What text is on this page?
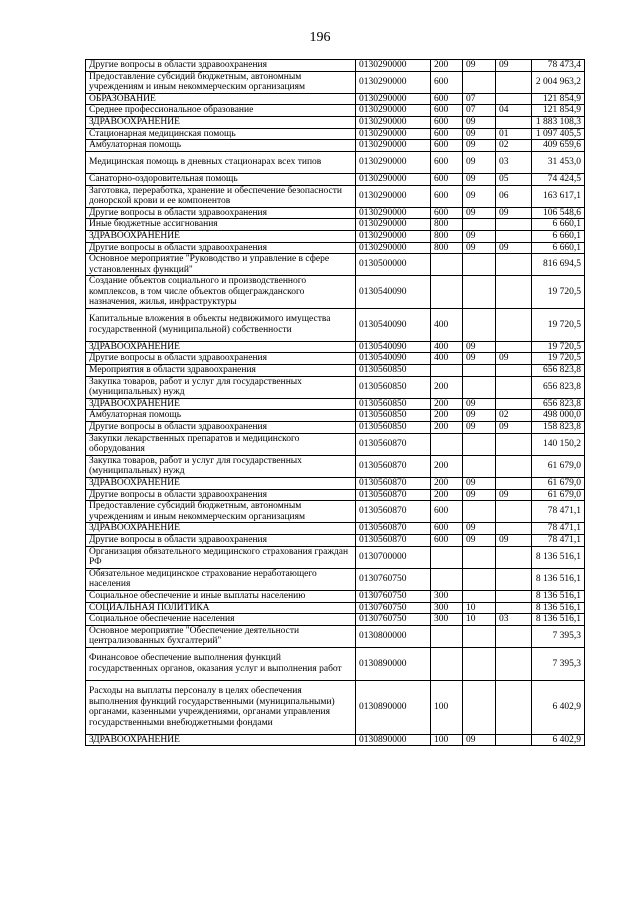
196
Другие вопросы в области здравоохранения	0130290000	200	09	09	78 473,4
Предоставление субсидий бюджетным, автономным учреждениям и иным некоммерческим организациям	0130290000	600			2 004 963,2
ОБРАЗОВАНИЕ	0130290000	600	07		121 854,9
Среднее профессиональное образование	0130290000	600	07	04	121 854,9
ЗДРАВООХРАНЕНИЕ	0130290000	600	09		1 883 108,3
Стационарная медицинская помощь	0130290000	600	09	01	1 097 405,5
Амбулаторная помощь	0130290000	600	09	02	409 659,6
Медицинская помощь в дневных стационарах всех типов	0130290000	600	09	03	31 453,0
Санаторно-оздоровительная помощь	0130290000	600	09	05	74 424,5
Заготовка, переработка, хранение и обеспечение безопасности донорской крови и ее компонентов	0130290000	600	09	06	163 617,1
Другие вопросы в области здравоохранения	0130290000	600	09	09	106 548,6
Иные бюджетные ассигнования	0130290000	800			6 660,1
ЗДРАВООХРАНЕНИЕ	0130290000	800	09		6 660,1
Другие вопросы в области здравоохранения	0130290000	800	09	09	6 660,1
Основное мероприятие "Руководство и управление в сфере установленных функций"	0130500000				816 694,5
Создание объектов социального и производственного комплексов, в том числе объектов общегражданского назначения, жилья, инфраструктуры	0130540090				19 720,5
Капитальные вложения в объекты недвижимого имущества государственной (муниципальной) собственности	0130540090	400			19 720,5
ЗДРАВООХРАНЕНИЕ	0130540090	400	09		19 720,5
Другие вопросы в области здравоохранения	0130540090	400	09	09	19 720,5
Мероприятия в области здравоохранения	0130560850				656 823,8
Закупка товаров, работ и услуг для государственных (муниципальных) нужд	0130560850	200			656 823,8
ЗДРАВООХРАНЕНИЕ	0130560850	200	09		656 823,8
Амбулаторная помощь	0130560850	200	09	02	498 000,0
Другие вопросы в области здравоохранения	0130560850	200	09	09	158 823,8
Закупки лекарственных препаратов и медицинского оборудования	0130560870				140 150,2
Закупка товаров, работ и услуг для государственных (муниципальных) нужд	0130560870	200			61 679,0
ЗДРАВООХРАНЕНИЕ	0130560870	200	09		61 679,0
Другие вопросы в области здравоохранения	0130560870	200	09	09	61 679,0
Предоставление субсидий бюджетным, автономным учреждениям и иным некоммерческим организациям	0130560870	600			78 471,1
ЗДРАВООХРАНЕНИЕ	0130560870	600	09		78 471,1
Другие вопросы в области здравоохранения	0130560870	600	09	09	78 471,1
Организация обязательного медицинского страхования граждан РФ	0130700000				8 136 516,1
Обязательное медицинское страхование неработающего населения	0130760750				8 136 516,1
Социальное обеспечение и иные выплаты населению	0130760750	300			8 136 516,1
СОЦИАЛЬНАЯ ПОЛИТИКА	0130760750	300	10		8 136 516,1
Социальное обеспечение населения	0130760750	300	10	03	8 136 516,1
Основное мероприятие "Обеспечение деятельности централизованных бухгалтерий"	0130800000				7 395,3
Финансовое обеспечение выполнения функций государственных органов, оказания услуг и выполнения работ	0130890000				7 395,3
Расходы на выплаты персоналу в целях обеспечения выполнения функций государственными (муниципальными) органами, казенными учреждениями, органами управления государственными внебюджетными фондами	0130890000	100			6 402,9
ЗДРАВООХРАНЕНИЕ	0130890000	100	09		6 402,9
